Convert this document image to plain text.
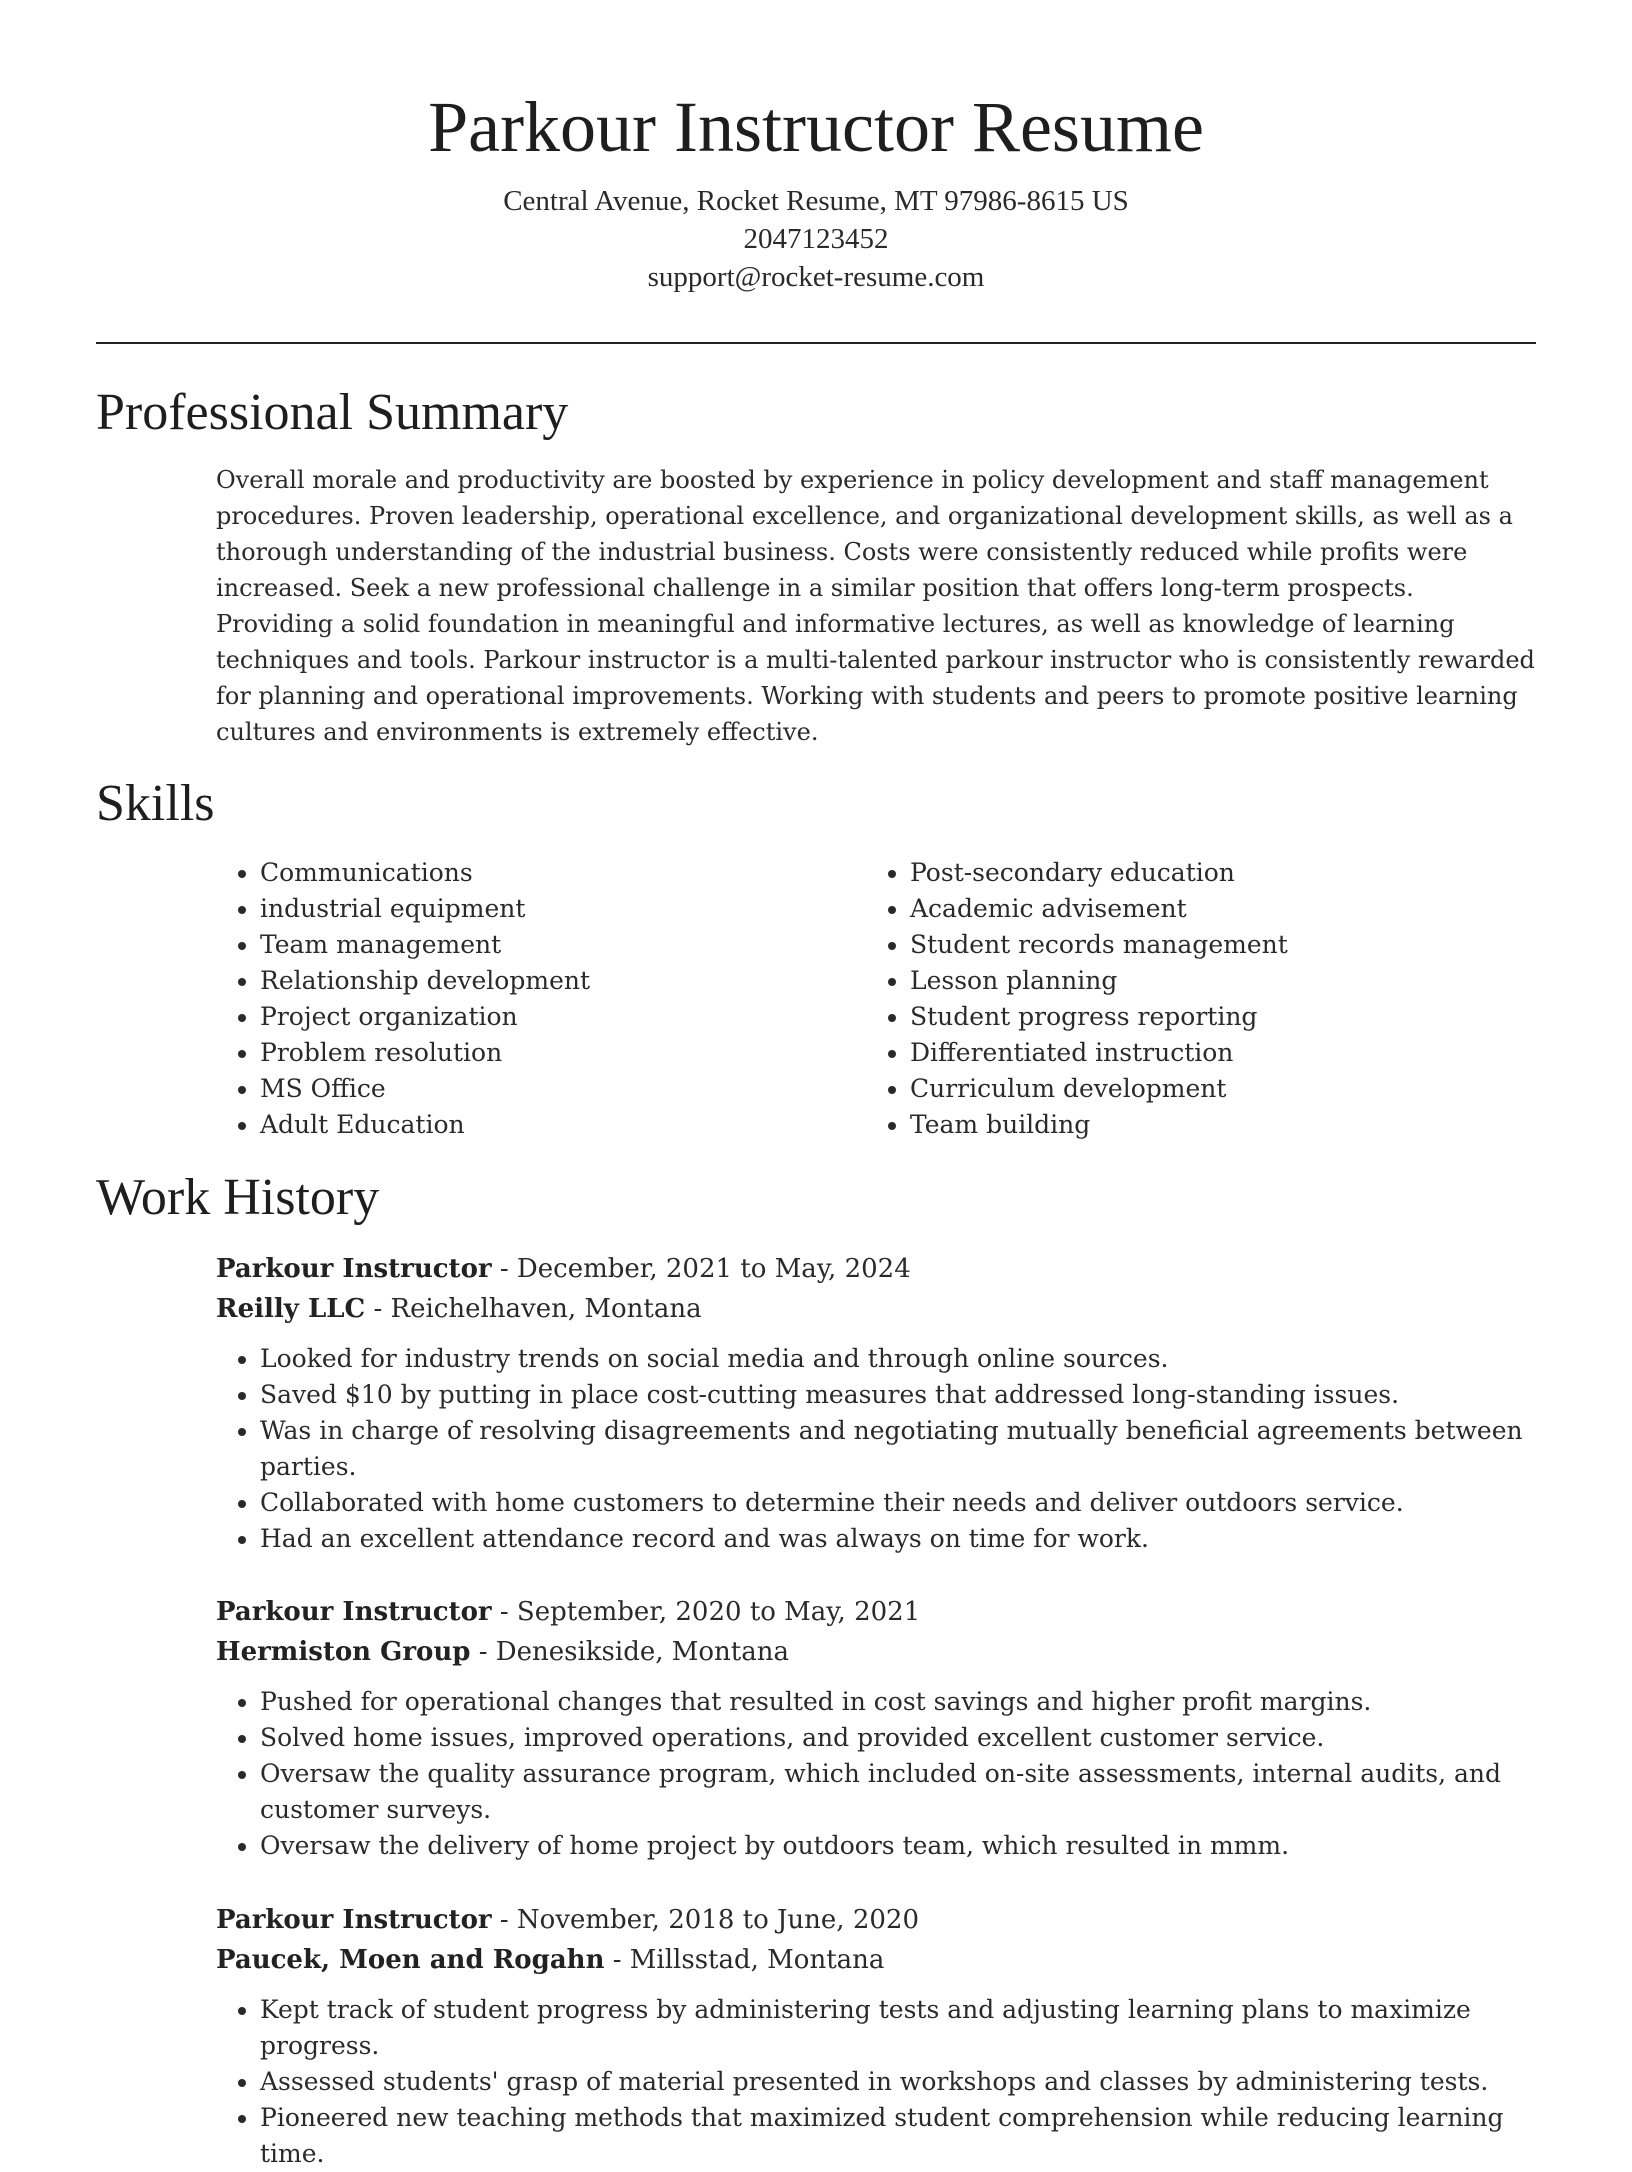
Parkour Instructor Resume
Central Avenue, Rocket Resume, MT 97986-8615 US
2047123452
support@rocket-resume.com
Professional Summary

Overall morale and productivity are boosted by experience in policy development and staff management procedures. Proven leadership, operational excellence, and organizational development skills, as well as a thorough understanding of the industrial business. Costs were consistently reduced while profits were increased. Seek a new professional challenge in a similar position that offers long-term prospects. Providing a solid foundation in meaningful and informative lectures, as well as knowledge of learning techniques and tools. Parkour instructor is a multi-talented parkour instructor who is consistently rewarded for planning and operational improvements. Working with students and peers to promote positive learning cultures and environments is extremely effective.

Skills
• Communications
• industrial equipment
• Team management
• Relationship development
• Project organization
• Problem resolution
• MS Office
• Adult Education
• Post-secondary education
• Academic advisement
• Student records management
• Lesson planning
• Student progress reporting
• Differentiated instruction
• Curriculum development
• Team building
Work History
Parkour Instructor - December, 2021 to May, 2024
Reilly LLC - Reichelhaven, Montana
• Looked for industry trends on social media and through online sources.
• Saved $10 by putting in place cost-cutting measures that addressed long-standing issues.
• Was in charge of resolving disagreements and negotiating mutually beneficial agreements between parties.
• Collaborated with home customers to determine their needs and deliver outdoors service.
• Had an excellent attendance record and was always on time for work.
Parkour Instructor - September, 2020 to May, 2021
Hermiston Group - Denesikside, Montana
• Pushed for operational changes that resulted in cost savings and higher profit margins.
• Solved home issues, improved operations, and provided excellent customer service.
• Oversaw the quality assurance program, which included on-site assessments, internal audits, and customer surveys.
• Oversaw the delivery of home project by outdoors team, which resulted in mmm.
Parkour Instructor - November, 2018 to June, 2020
Paucek, Moen and Rogahn - Millsstad, Montana
• Kept track of student progress by administering tests and adjusting learning plans to maximize progress.
• Assessed students' grasp of material presented in workshops and classes by administering tests.
• Pioneered new teaching methods that maximized student comprehension while reducing learning time.
